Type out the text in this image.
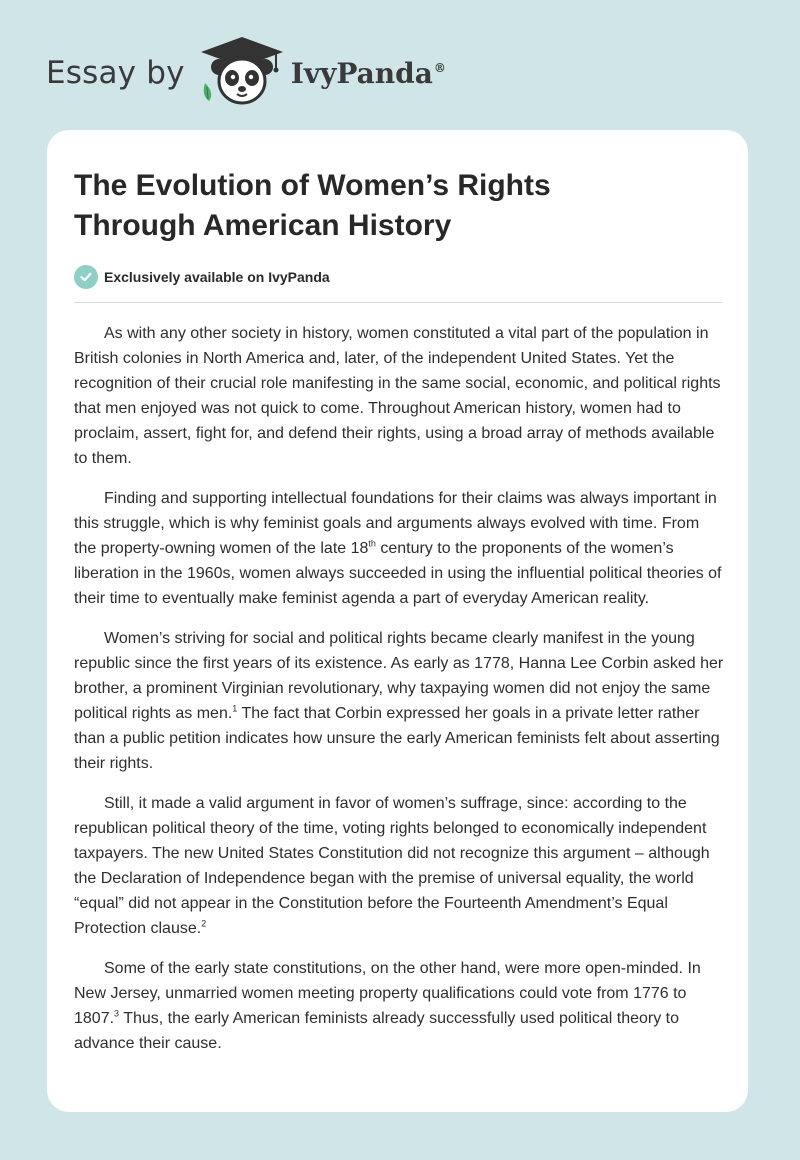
Essay by	IvyPanda®
The Evolution of Women’s Rights
Through American History
Exclusively available on IvyPanda

As with any other society in history, women constituted a vital part of the population in British colonies in North America and, later, of the independent United States. Yet the recognition of their crucial role manifesting in the same social, economic, and political rights that men enjoyed was not quick to come. Throughout American history, women had to proclaim, assert, fight for, and defend their rights, using a broad array of methods available to them.

Finding and supporting intellectual foundations for their claims was always important in this struggle, which is why feminist goals and arguments always evolved with time. From the property-owning women of the late 18th century to the proponents of the women’s liberation in the 1960s, women always succeeded in using the influential political theories of their time to eventually make feminist agenda a part of everyday American reality.

Women’s striving for social and political rights became clearly manifest in the young republic since the first years of its existence. As early as 1778, Hanna Lee Corbin asked her brother, a prominent Virginian revolutionary, why taxpaying women did not enjoy the same political rights as men.$^1$ The fact that Corbin expressed her goals in a private letter rather than a public petition indicates how unsure the early American feminists felt about asserting their rights.

Still, it made a valid argument in favor of women’s suffrage, since: according to the republican political theory of the time, voting rights belonged to economically independent taxpayers. The new United States Constitution did not recognize this argument – although the Declaration of Independence began with the premise of universal equality, the world “equal” did not appear in the Constitution before the Fourteenth Amendment’s Equal Protection clause.$^2$

Some of the early state constitutions, on the other hand, were more open-minded. In New Jersey, unmarried women meeting property qualifications could vote from 1776 to 1807.$^3$ Thus, the early American feminists already successfully used political theory to advance their cause.
